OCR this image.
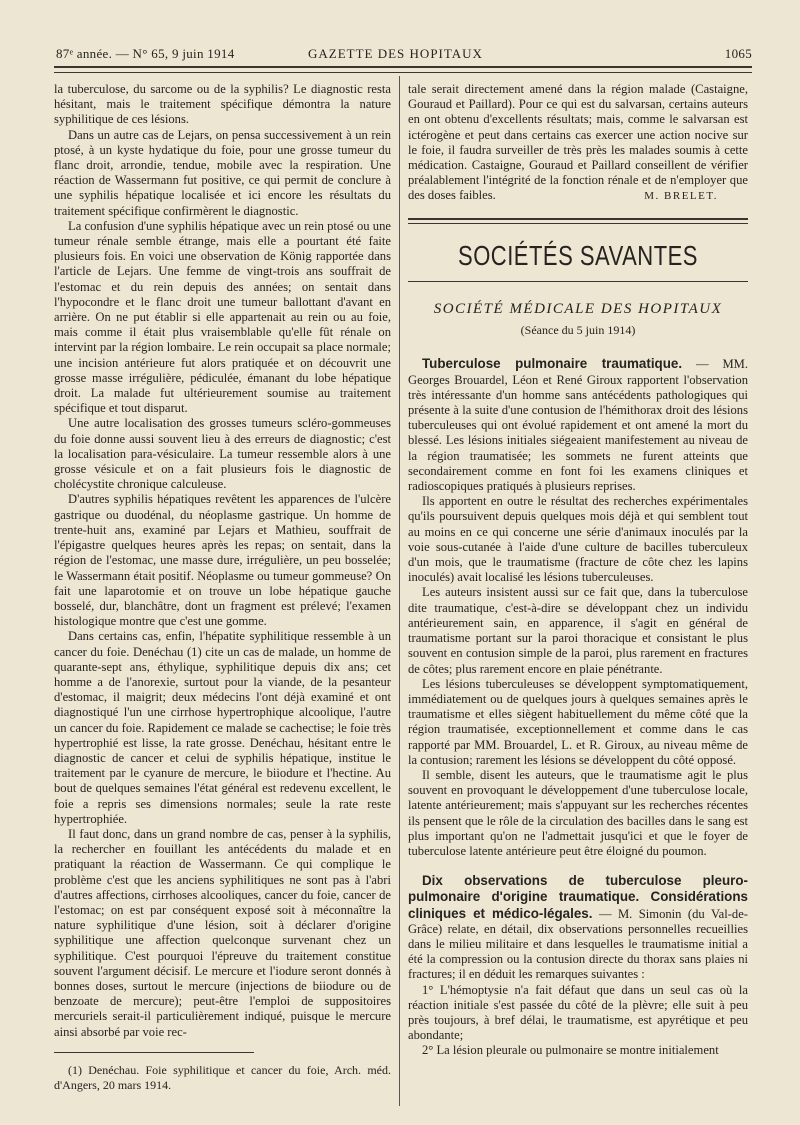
87ᵉ année. — N° 65, 9 juin 1914	GAZETTE DES HOPITAUX	1065

la tuberculose, du sarcome ou de la syphilis? Le diagnostic resta hésitant, mais le traitement spécifique démontra la nature syphilitique de ces lésions.

Dans un autre cas de Lejars, on pensa successivement à un rein ptosé, à un kyste hydatique du foie, pour une grosse tumeur du flanc droit, arrondie, tendue, mobile avec la respiration. Une réaction de Wassermann fut positive, ce qui permit de conclure à une syphilis hépatique localisée et ici encore les résultats du traitement spécifique confirmèrent le diagnostic.

La confusion d'une syphilis hépatique avec un rein ptosé ou une tumeur rénale semble étrange, mais elle a pourtant été faite plusieurs fois. En voici une observation de König rapportée dans l'article de Lejars. Une femme de vingt-trois ans souffrait de l'estomac et du rein depuis des années; on sentait dans l'hypocondre et le flanc droit une tumeur ballottant d'avant en arrière. On ne put établir si elle appartenait au rein ou au foie, mais comme il était plus vraisemblable qu'elle fût rénale on intervint par la région lombaire. Le rein occupait sa place normale; une incision antérieure fut alors pratiquée et on découvrit une grosse masse irrégulière, pédiculée, émanant du lobe hépatique droit. La malade fut ultérieurement soumise au traitement spécifique et tout disparut.

Une autre localisation des grosses tumeurs scléro-gommeuses du foie donne aussi souvent lieu à des erreurs de diagnostic; c'est la localisation para-vésiculaire. La tumeur ressemble alors à une grosse vésicule et on a fait plusieurs fois le diagnostic de cholécystite chronique calculeuse.

D'autres syphilis hépatiques revêtent les apparences de l'ulcère gastrique ou duodénal, du néoplasme gastrique. Un homme de trente-huit ans, examiné par Lejars et Mathieu, souffrait de l'épigastre quelques heures après les repas; on sentait, dans la région de l'estomac, une masse dure, irrégulière, un peu bosselée; le Wassermann était positif. Néoplasme ou tumeur gommeuse? On fait une laparotomie et on trouve un lobe hépatique gauche bosselé, dur, blanchâtre, dont un fragment est prélevé; l'examen histologique montre que c'est une gomme.

Dans certains cas, enfin, l'hépatite syphilitique ressemble à un cancer du foie. Denéchau (1) cite un cas de malade, un homme de quarante-sept ans, éthylique, syphilitique depuis dix ans; cet homme a de l'anorexie, surtout pour la viande, de la pesanteur d'estomac, il maigrit; deux médecins l'ont déjà examiné et ont diagnostiqué l'un une cirrhose hypertrophique alcoolique, l'autre un cancer du foie. Rapidement ce malade se cachectise; le foie très hypertrophié est lisse, la rate grosse. Denéchau, hésitant entre le diagnostic de cancer et celui de syphilis hépatique, institue le traitement par le cyanure de mercure, le biiodure et l'hectine. Au bout de quelques semaines l'état général est redevenu excellent, le foie a repris ses dimensions normales; seule la rate reste hypertrophiée.

Il faut donc, dans un grand nombre de cas, penser à la syphilis, la rechercher en fouillant les antécédents du malade et en pratiquant la réaction de Wassermann. Ce qui complique le problème c'est que les anciens syphilitiques ne sont pas à l'abri d'autres affections, cirrhoses alcooliques, cancer du foie, cancer de l'estomac; on est par conséquent exposé soit à méconnaître la nature syphilitique d'une lésion, soit à déclarer d'origine syphilitique une affection quelconque survenant chez un syphilitique. C'est pourquoi l'épreuve du traitement constitue souvent l'argument décisif. Le mercure et l'iodure seront donnés à bonnes doses, surtout le mercure (injections de biiodure ou de benzoate de mercure); peut-être l'emploi de suppositoires mercuriels serait-il particulièrement indiqué, puisque le mercure ainsi absorbé par voie rec-

(1) Denéchau. Foie syphilitique et cancer du foie, Arch. méd. d'Angers, 20 mars 1914.

tale serait directement amené dans la région malade (Castaigne, Gouraud et Paillard). Pour ce qui est du salvarsan, certains auteurs en ont obtenu d'excellents résultats; mais, comme le salvarsan est ictérogène et peut dans certains cas exercer une action nocive sur le foie, il faudra surveiller de très près les malades soumis à cette médication. Castaigne, Gouraud et Paillard conseillent de vérifier préalablement l'intégrité de la fonction rénale et de n'employer que des doses faibles.	M. BRELET.
SOCIÉTÉS SAVANTES
SOCIÉTÉ MÉDICALE DES HOPITAUX
(Séance du 5 juin 1914)

Tuberculose pulmonaire traumatique. — MM. Georges Brouardel, Léon et René Giroux rapportent l'observation très intéressante d'un homme sans antécédents pathologiques qui présente à la suite d'une contusion de l'hémithorax droit des lésions tuberculeuses qui ont évolué rapidement et ont amené la mort du blessé. Les lésions initiales siégeaient manifestement au niveau de la région traumatisée; les sommets ne furent atteints que secondairement comme en font foi les examens cliniques et radioscopiques pratiqués à plusieurs reprises.

Ils apportent en outre le résultat des recherches expérimentales qu'ils poursuivent depuis quelques mois déjà et qui semblent tout au moins en ce qui concerne une série d'animaux inoculés par la voie sous-cutanée à l'aide d'une culture de bacilles tuberculeux d'un mois, que le traumatisme (fracture de côte chez les lapins inoculés) avait localisé les lésions tuberculeuses.

Les auteurs insistent aussi sur ce fait que, dans la tuberculose dite traumatique, c'est-à-dire se développant chez un individu antérieurement sain, en apparence, il s'agit en général de traumatisme portant sur la paroi thoracique et consistant le plus souvent en contusion simple de la paroi, plus rarement en fractures de côtes; plus rarement encore en plaie pénétrante.

Les lésions tuberculeuses se développent symptomatiquement, immédiatement ou de quelques jours à quelques semaines après le traumatisme et elles siègent habituellement du même côté que la région traumatisée, exceptionnellement et comme dans le cas rapporté par MM. Brouardel, L. et R. Giroux, au niveau même de la contusion; rarement les lésions se développent du côté opposé.

Il semble, disent les auteurs, que le traumatisme agit le plus souvent en provoquant le développement d'une tuberculose locale, latente antérieurement; mais s'appuyant sur les recherches récentes ils pensent que le rôle de la circulation des bacilles dans le sang est plus important qu'on ne l'admettait jusqu'ici et que le foyer de tuberculose latente antérieure peut être éloigné du poumon.

Dix observations de tuberculose pleuro-pulmonaire d'origine traumatique. Considérations cliniques et médico-légales. — M. Simonin (du Val-de-Grâce) relate, en détail, dix observations personnelles recueillies dans le milieu militaire et dans lesquelles le traumatisme initial a été la compression ou la contusion directe du thorax sans plaies ni fractures; il en déduit les remarques suivantes :

1° L'hémoptysie n'a fait défaut que dans un seul cas où la réaction initiale s'est passée du côté de la plèvre; elle suit à peu près toujours, à bref délai, le traumatisme, est apyrétique et peu abondante;

2° La lésion pleurale ou pulmonaire se montre initialement
